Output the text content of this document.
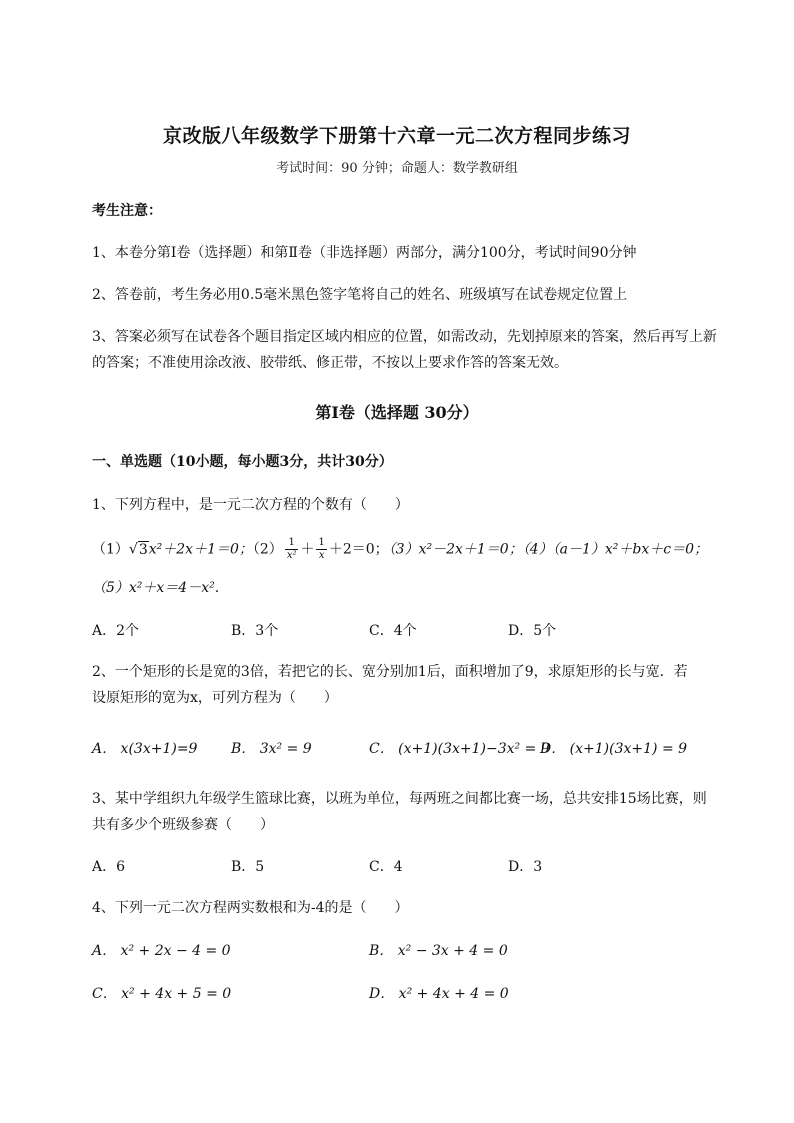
京改版八年级数学下册第十六章一元二次方程同步练习
考试时间：90 分钟；命题人：数学教研组
考生注意：
1、本卷分第I卷（选择题）和第Ⅱ卷（非选择题）两部分，满分100分，考试时间90分钟
2、答卷前，考生务必用0.5毫米黑色签字笔将自己的姓名、班级填写在试卷规定位置上
3、答案必须写在试卷各个题目指定区域内相应的位置，如需改动，先划掉原来的答案，然后再写上新
的答案；不准使用涂改液、胶带纸、修正带，不按以上要求作答的答案无效。
第I卷（选择题 30分）
一、单选题（10小题，每小题3分，共计30分）
1、下列方程中，是一元二次方程的个数有（　　）
（1）√3x²＋2x＋1＝0；$(2) \frac{1}{\text{x²}} + \frac{1}{x} +2=0$；（3）x²－2x＋1＝0；（4）（a－1）x²＋bx＋c＝0；
（5）x²＋x＝4－x².
A．2个	B．3个	C．4个	D．5个
2、一个矩形的长是宽的3倍，若把它的长、宽分别加1后，面积增加了9，求原矩形的长与宽．若
设原矩形的宽为x，可列方程为（　　）
A． x(3x+1)=9 B． 3x² = 9	C． (x+1)(3x+1)−3x² = 9
D． (x+1)(3x+1) = 9
3、某中学组织九年级学生篮球比赛，以班为单位，每两班之间都比赛一场，总共安排15场比赛，则
共有多少个班级参赛（　　）
A．6	B．5	C．4	D．3
4、下列一元二次方程两实数根和为-4的是（　　）
A． x² + 2x − 4 = 0	B． x² − 3x + 4 = 0
C． x² + 4x + 5 = 0	D． x² + 4x + 4 = 0
